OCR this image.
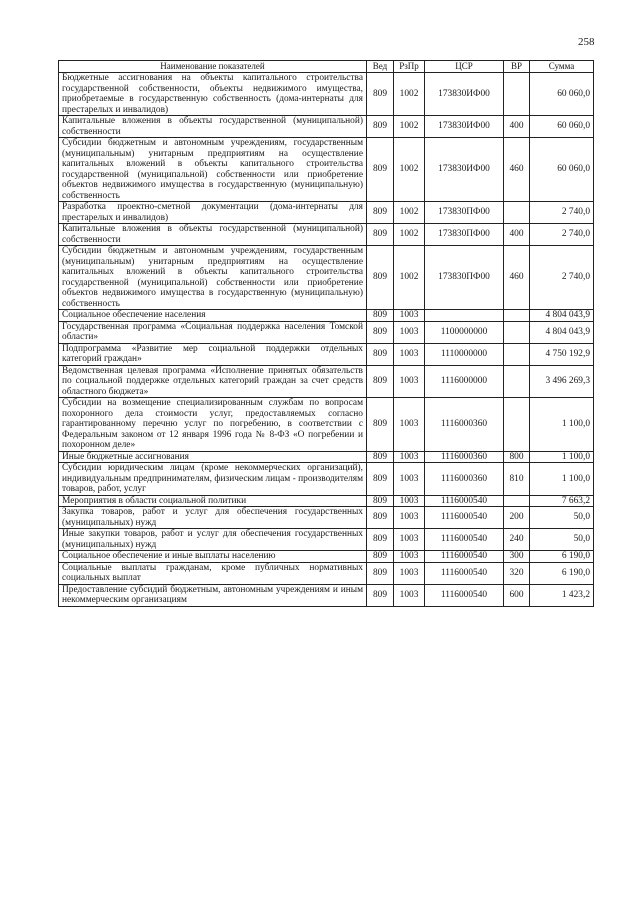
258
Наименование показателей	Вед	РзПр	ЦСР	ВР	Сумма
Бюджетные ассигнования на объекты капитального строительства государственной собственности, объекты недвижимого имущества, приобретаемые в государственную собственность (дома-интернаты для престарелых и инвалидов)	809	1002	173830ИФ00		60 060,0
Капитальные вложения в объекты государственной (муниципальной) собственности	809	1002	173830ИФ00	400	60 060,0
Субсидии бюджетным и автономным учреждениям, государственным (муниципальным) унитарным предприятиям на осуществление капитальных вложений в объекты капитального строительства государственной (муниципальной) собственности или приобретение объектов недвижимого имущества в государственную (муниципальную) собственность	809	1002	173830ИФ00	460	60 060,0
Разработка проектно-сметной документации (дома-интернаты для престарелых и инвалидов)	809	1002	173830ПФ00		2 740,0
Капитальные вложения в объекты государственной (муниципальной) собственности	809	1002	173830ПФ00	400	2 740,0
Субсидии бюджетным и автономным учреждениям, государственным (муниципальным) унитарным предприятиям на осуществление капитальных вложений в объекты капитального строительства государственной (муниципальной) собственности или приобретение объектов недвижимого имущества в государственную (муниципальную) собственность	809	1002	173830ПФ00	460	2 740,0
Социальное обеспечение населения	809	1003			4 804 043,9
Государственная программа «Социальная поддержка населения Томской области»	809	1003	1100000000		4 804 043,9
Подпрограмма «Развитие мер социальной поддержки отдельных категорий граждан»	809	1003	1110000000		4 750 192,9
Ведомственная целевая программа «Исполнение принятых обязательств по социальной поддержке отдельных категорий граждан за счет средств областного бюджета»	809	1003	1116000000		3 496 269,3
Субсидии на возмещение специализированным службам по вопросам похоронного дела стоимости услуг, предоставляемых согласно гарантированному перечню услуг по погребению, в соответствии с Федеральным законом от 12 января 1996 года № 8-ФЗ «О погребении и похоронном деле»	809	1003	1116000360		1 100,0
Иные бюджетные ассигнования	809	1003	1116000360	800	1 100,0
Субсидии юридическим лицам (кроме некоммерческих организаций), индивидуальным предпринимателям, физическим лицам - производителям товаров, работ, услуг	809	1003	1116000360	810	1 100,0
Мероприятия в области социальной политики	809	1003	1116000540		7 663,2
Закупка товаров, работ и услуг для обеспечения государственных (муниципальных) нужд	809	1003	1116000540	200	50,0
Иные закупки товаров, работ и услуг для обеспечения государственных (муниципальных) нужд	809	1003	1116000540	240	50,0
Социальное обеспечение и иные выплаты населению	809	1003	1116000540	300	6 190,0
Социальные выплаты гражданам, кроме публичных нормативных социальных выплат	809	1003	1116000540	320	6 190,0
Предоставление субсидий бюджетным, автономным учреждениям и иным некоммерческим организациям	809	1003	1116000540	600	1 423,2
